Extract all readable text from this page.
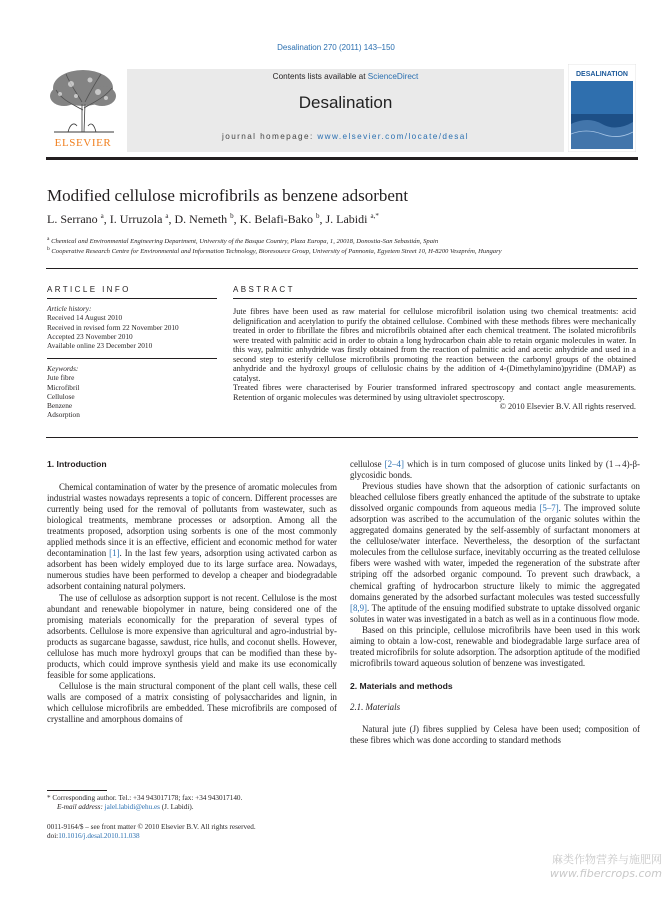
Desalination 270 (2011) 143–150
ELSEVIER
Contents lists available at ScienceDirect
Desalination
journal homepage: www.elsevier.com/locate/desal
DESALINATION
Modified cellulose microfibrils as benzene adsorbent
L. Serrano $^a$, I. Urruzola $^a$, D. Nemeth $^b$, K. Belafi-Bako $^b$, J. Labidi $^{a,*}$
$^a$ Chemical and Environmental Engineering Department, University of the Basque Country, Plaza Europa, 1, 20018, Donostia-San Sebastián, Spain
$^b$ Cooperative Research Centre for Environmental and Information Technology, Bioresource Group, University of Pannonia, Egyetem Street 10, H-8200 Veszprém, Hungary
ARTICLE INFO
Article history:
Received 14 August 2010
Received in revised form 22 November 2010
Accepted 23 November 2010
Available online 23 December 2010
Keywords:
Jute fibre
Microfibril
Cellulose
Benzene
Adsorption
ABSTRACT
Jute fibres have been used as raw material for cellulose microfibril isolation using two chemical treatments: acid delignification and acetylation to purify the obtained cellulose. Combined with these methods fibres were mechanically treated in order to fibrillate the fibres and microfibrils obtained after each chemical treatment. The isolated microfibrils were treated with palmitic acid in order to obtain a long hydrocarbon chain able to retain organic molecules in water. In this way, palmitic anhydride was firstly obtained from the reaction of palmitic acid and acetic anhydride and used in a second step to esterify cellulose microfibrils promoting the reaction between the carbonyl groups of the obtained anhydride and the hydroxyl groups of cellulosic chains by the addition of 4-(Dimethylamino)pyridine (DMAP) as catalyst.
Treated fibres were characterised by Fourier transformed infrared spectroscopy and contact angle measurements. Retention of organic molecules was determined by using ultraviolet spectroscopy.
© 2010 Elsevier B.V. All rights reserved.
1. Introduction

Chemical contamination of water by the presence of aromatic molecules from industrial wastes nowadays represents a topic of concern. Different processes are currently being used for the removal of pollutants from wastewater, such as biological treatments, membrane processes or adsorption. Among all the treatments proposed, adsorption using sorbents is one of the most commonly applied methods since it is an effective, efficient and economic method for water decontamination [1]. In the last few years, adsorption using activated carbon as adsorbent has been widely employed due to its large surface area. Nowadays, numerous studies have been performed to develop a cheaper and biodegradable adsorbent containing natural polymers.

The use of cellulose as adsorption support is not recent. Cellulose is the most abundant and renewable biopolymer in nature, being considered one of the promising materials economically for the preparation of several types of adsorbents. Cellulose is more expensive than agricultural and agro-industrial by-products as sugarcane bagasse, sawdust, rice hulls, and coconut shells. However, cellulose has much more hydroxyl groups that can be modified than these by-products, which could improve synthesis yield and make its use economically feasible for some applications.

Cellulose is the main structural component of the plant cell walls, these cell walls are composed of a matrix consisting of polysaccharides and lignin, in which cellulose microfibrils are embedded. These microfibrils are composed of crystalline and amorphous domains of

cellulose [2–4] which is in turn composed of glucose units linked by (1→4)-β-glycosidic bonds.

Previous studies have shown that the adsorption of cationic surfactants on bleached cellulose fibers greatly enhanced the aptitude of the substrate to uptake dissolved organic compounds from aqueous media [5–7]. The improved solute adsorption was ascribed to the accumulation of the organic solutes within the aggregated domains generated by the self-assembly of surfactant monomers at the cellulose/water interface. Nevertheless, the desorption of the surfactant molecules from the cellulose surface, inevitably occurring as the treated cellulose fibers were washed with water, impeded the regeneration of the substrate after striping off the adsorbed organic compound. To prevent such drawback, a chemical grafting of hydrocarbon structure likely to mimic the aggregated domains generated by the adsorbed surfactant molecules was tested successfully [8,9]. The aptitude of the ensuing modified substrate to uptake dissolved organic solutes in water was investigated in a batch as well as in a continuous flow mode.

Based on this principle, cellulose microfibrils have been used in this work aiming to obtain a low-cost, renewable and biodegradable large surface area of treated microfibrils for solute adsorption. The adsorption aptitude of the modified microfibrils toward aqueous solution of benzene was investigated.

2. Materials and methods
2.1. Materials

Natural jute (J) fibres supplied by Celesa have been used; composition of these fibres which was done according to standard methods

* Corresponding author. Tel.: +34 943017178; fax: +34 943017140.
E-mail address: jalel.labidi@ehu.es (J. Labidi).
0011-9164/$ – see front matter © 2010 Elsevier B.V. All rights reserved.
doi:10.1016/j.desal.2010.11.038
麻类作物营养与施肥网
www.fibercrops.com
